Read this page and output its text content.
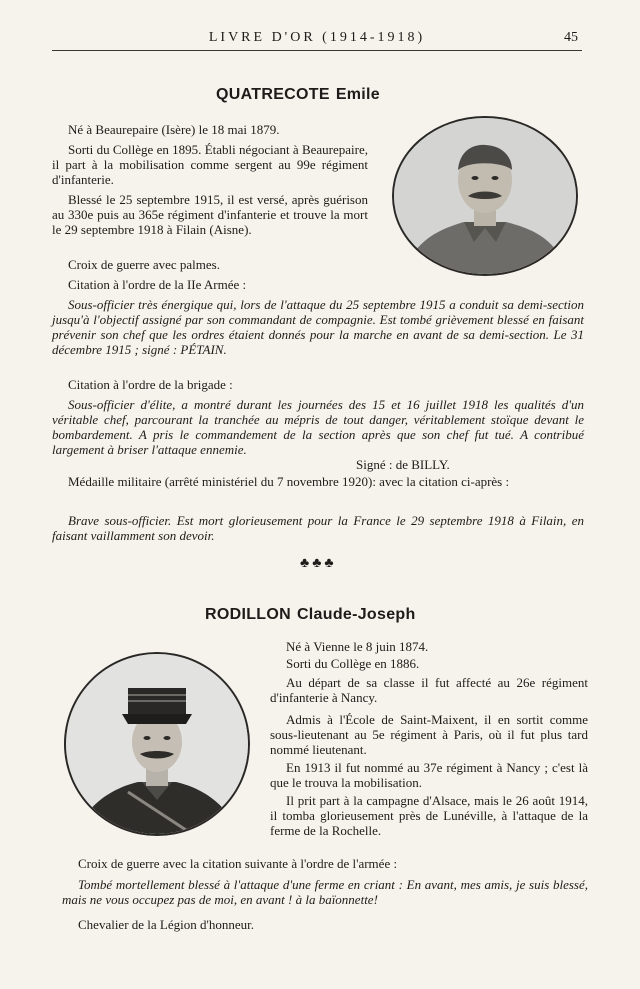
LIVRE D'OR (1914-1918)	45
QUATRECOTE Emile

Né à Beaurepaire (Isère) le 18 mai 1879.

Sorti du Collège en 1895. Établi négociant à Beaurepaire, il part à la mobilisation comme sergent au 99e régiment d'infanterie.

Blessé le 25 septembre 1915, il est versé, après guérison au 330e puis au 365e régiment d'infanterie et trouve la mort le 29 septembre 1918 à Filain (Aisne).

Croix de guerre avec palmes.

Citation à l'ordre de la IIe Armée :

Sous-officier très énergique qui, lors de l'attaque du 25 septembre 1915 a conduit sa demi-section jusqu'à l'objectif assigné par son commandant de compagnie. Est tombé grièvement blessé en faisant prévenir son chef que les ordres étaient donnés pour la marche en avant de sa demi-section. Le 31 décembre 1915 ; signé : PÉTAIN.

Citation à l'ordre de la brigade :

Sous-officier d'élite, a montré durant les journées des 15 et 16 juillet 1918 les qualités d'un véritable chef, parcourant la tranchée au mépris de tout danger, véritablement stoïque devant le bombardement. A pris le commandement de la section après que son chef fut tué. A contribué largement à briser l'attaque ennemie.

Signé : de BILLY.

Médaille militaire (arrêté ministériel du 7 novembre 1920): avec la citation ci-après :

Brave sous-officier. Est mort glorieusement pour la France le 29 septembre 1918 à Filain, en faisant vaillamment son devoir.

♣♣♣
RODILLON Claude-Joseph

Né à Vienne le 8 juin 1874.

Sorti du Collège en 1886.

Au départ de sa classe il fut affecté au 26e régiment d'infanterie à Nancy.

Admis à l'École de Saint-Maixent, il en sortit comme sous-lieutenant au 5e régiment à Paris, où il fut plus tard nommé lieutenant.

En 1913 il fut nommé au 37e régiment à Nancy ; c'est là que le trouva la mobilisation.

Il prit part à la campagne d'Alsace, mais le 26 août 1914, il tomba glorieusement près de Lunéville, à l'attaque de la ferme de la Rochelle.

Croix de guerre avec la citation suivante à l'ordre de l'armée :

Tombé mortellement blessé à l'attaque d'une ferme en criant : En avant, mes amis, je suis blessé, mais ne vous occupez pas de moi, en avant ! à la baïonnette!

Chevalier de la Légion d'honneur.
